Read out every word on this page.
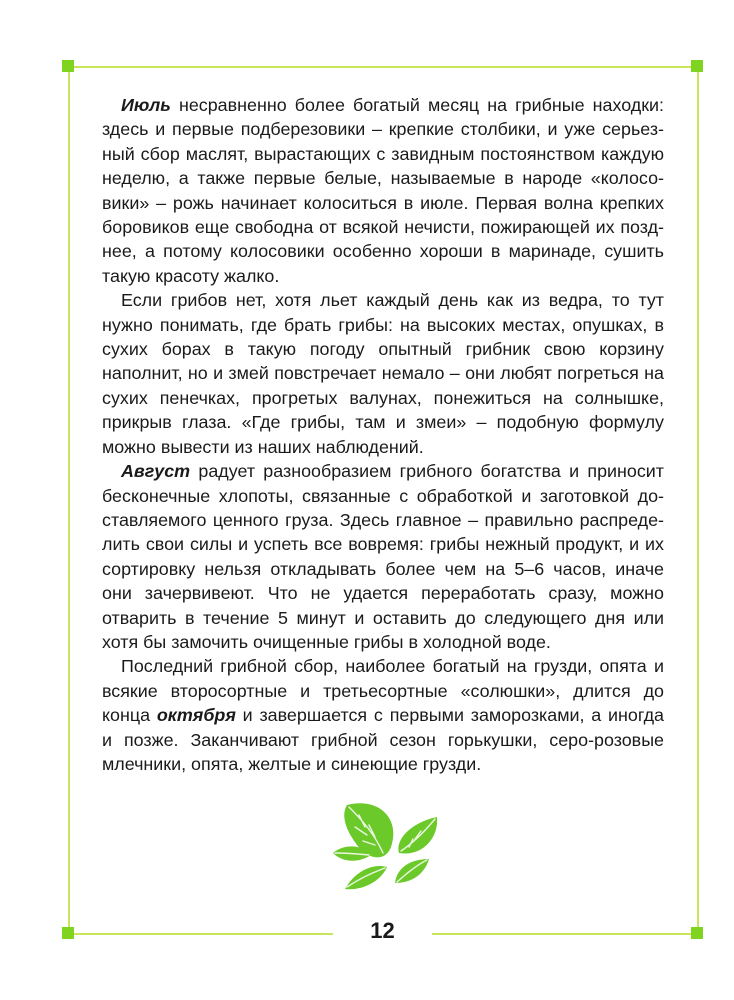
Июль несравненно более богатый месяц на грибные находки: здесь и первые подберезовики – крепкие столбики, и уже серьезный сбор маслят, вырастающих с завидным постоянством каждую неделю, а также первые белые, называемые в народе «колосовики» – рожь начинает колоситься в июле. Первая волна крепких боровиков еще свободна от всякой нечисти, пожирающей их позднее, а потому колосовики особенно хороши в маринаде, сушить такую красоту жалко.

Если грибов нет, хотя льет каждый день как из ведра, то тут нужно понимать, где брать грибы: на высоких местах, опушках, в сухих борах в такую погоду опытный грибник свою корзину наполнит, но и змей повстречает немало – они любят погреться на сухих пенечках, прогретых валунах, понежиться на солнышке, прикрыв глаза. «Где грибы, там и змеи» – подобную формулу можно вывести из наших наблюдений.

Август радует разнообразием грибного богатства и приносит бесконечные хлопоты, связанные с обработкой и заготовкой доставляемого ценного груза. Здесь главное – правильно распределить свои силы и успеть все вовремя: грибы нежный продукт, и их сортировку нельзя откладывать более чем на 5–6 часов, иначе они зачервивеют. Что не удается переработать сразу, можно отварить в течение 5 минут и оставить до следующего дня или хотя бы замочить очищенные грибы в холодной воде.

Последний грибной сбор, наиболее богатый на грузди, опята и всякие второсортные и третьесортные «солюшки», длится до конца октября и завершается с первыми заморозками, а иногда и позже. Заканчивают грибной сезон горькушки, серо-розовые млечники, опята, желтые и синеющие грузди.

12
